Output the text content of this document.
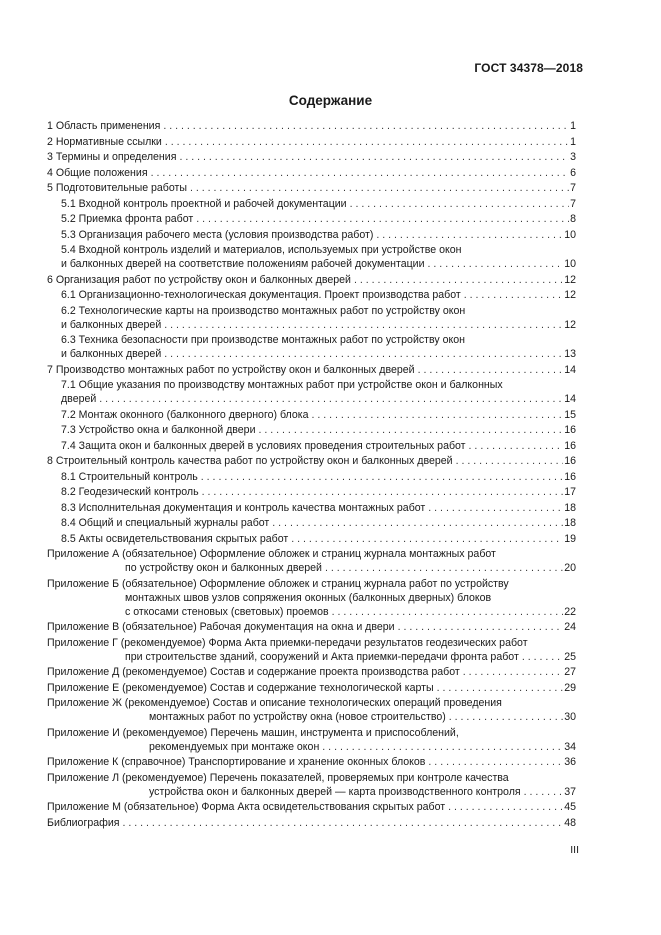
ГОСТ 34378—2018
Содержание
1 Область применения . . .	1
2 Нормативные ссылки . . .	1
3 Термины и определения . . .	3
4 Общие положения . . .	6
5 Подготовительные работы . . .	7
5.1 Входной контроль проектной и рабочей документации . . .	7
5.2 Приемка фронта работ . . .	8
5.3 Организация рабочего места (условия производства работ) . . .	10
5.4 Входной контроль изделий и материалов, используемых при устройстве окон
и балконных дверей на соответствие положениям рабочей документации . . .	10
6 Организация работ по устройству окон и балконных дверей . . .	12
6.1 Организационно-технологическая документация. Проект производства работ . . .	12
6.2 Технологические карты на производство монтажных работ по устройству окон
и балконных дверей . . .	12
6.3 Техника безопасности при производстве монтажных работ по устройству окон
и балконных дверей . . .	13
7 Производство монтажных работ по устройству окон и балконных дверей . . .	14
7.1 Общие указания по производству монтажных работ при устройстве окон и балконных
дверей . . .	14
7.2 Монтаж оконного (балконного дверного) блока . . .	15
7.3 Устройство окна и балконной двери . . .	16
7.4 Защита окон и балконных дверей в условиях проведения строительных работ . . .	16
8 Строительный контроль качества работ по устройству окон и балконных дверей . . .	16
8.1 Строительный контроль . . .	16
8.2 Геодезический контроль . . .	17
8.3 Исполнительная документация и контроль качества монтажных работ . . .	18
8.4 Общий и специальный журналы работ . . .	18
8.5 Акты освидетельствования скрытых работ . . .	19
Приложение А (обязательное) Оформление обложек и страниц журнала монтажных работ
по устройству окон и балконных дверей . . .	20
Приложение Б (обязательное) Оформление обложек и страниц журнала работ по устройству
монтажных швов узлов сопряжения оконных (балконных дверных) блоков
с откосами стеновых (световых) проемов . . .	22
Приложение В (обязательное) Рабочая документация на окна и двери . . .	24
Приложение Г (рекомендуемое) Форма Акта приемки-передачи результатов геодезических работ
при строительстве зданий, сооружений и Акта приемки-передачи фронта работ . . .	25
Приложение Д (рекомендуемое) Состав и содержание проекта производства работ . . .	27
Приложение Е (рекомендуемое) Состав и содержание технологической карты . . .	29
Приложение Ж (рекомендуемое) Состав и описание технологических операций проведения
монтажных работ по устройству окна (новое строительство) . . .	30
Приложение И (рекомендуемое) Перечень машин, инструмента и приспособлений,
рекомендуемых при монтаже окон . . .	34
Приложение К (справочное) Транспортирование и хранение оконных блоков . . .	36
Приложение Л (рекомендуемое) Перечень показателей, проверяемых при контроле качества
устройства окон и балконных дверей — карта производственного контроля . . .	37
Приложение М (обязательное) Форма Акта освидетельствования скрытых работ . . .	45
Библиография . . .	48
III
